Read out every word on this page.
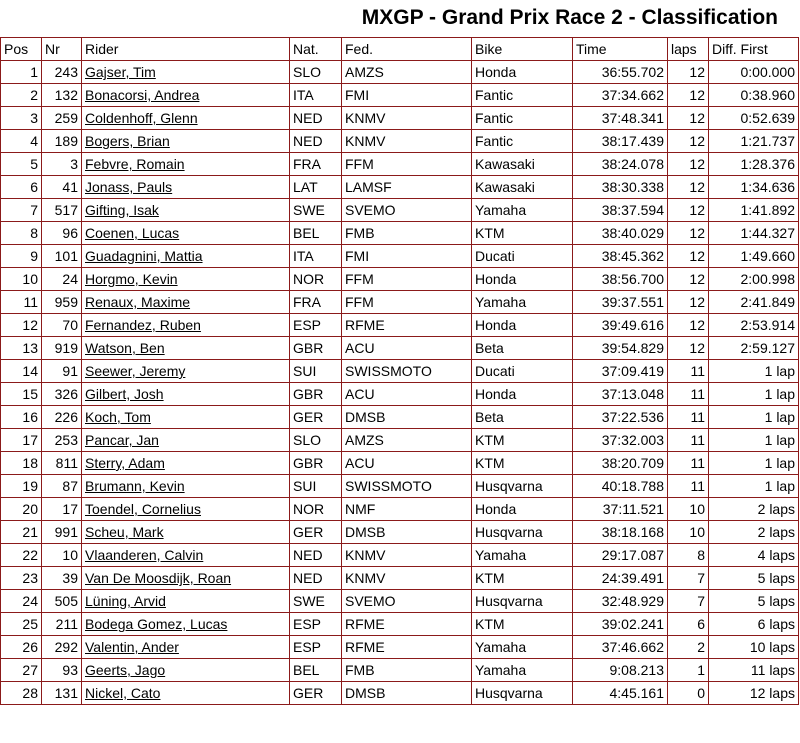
MXGP - Grand Prix Race 2 - Classification
Pos	Nr	Rider	Nat.	Fed.	Bike	Time	laps	Diff. First
1	243	Gajser, Tim	SLO	AMZS	Honda	36:55.702	12	0:00.000
2	132	Bonacorsi, Andrea	ITA	FMI	Fantic	37:34.662	12	0:38.960
3	259	Coldenhoff, Glenn	NED	KNMV	Fantic	37:48.341	12	0:52.639
4	189	Bogers, Brian	NED	KNMV	Fantic	38:17.439	12	1:21.737
5	3	Febvre, Romain	FRA	FFM	Kawasaki	38:24.078	12	1:28.376
6	41	Jonass, Pauls	LAT	LAMSF	Kawasaki	38:30.338	12	1:34.636
7	517	Gifting, Isak	SWE	SVEMO	Yamaha	38:37.594	12	1:41.892
8	96	Coenen, Lucas	BEL	FMB	KTM	38:40.029	12	1:44.327
9	101	Guadagnini, Mattia	ITA	FMI	Ducati	38:45.362	12	1:49.660
10	24	Horgmo, Kevin	NOR	FFM	Honda	38:56.700	12	2:00.998
11	959	Renaux, Maxime	FRA	FFM	Yamaha	39:37.551	12	2:41.849
12	70	Fernandez, Ruben	ESP	RFME	Honda	39:49.616	12	2:53.914
13	919	Watson, Ben	GBR	ACU	Beta	39:54.829	12	2:59.127
14	91	Seewer, Jeremy	SUI	SWISSMOTO	Ducati	37:09.419	11	1 lap
15	326	Gilbert, Josh	GBR	ACU	Honda	37:13.048	11	1 lap
16	226	Koch, Tom	GER	DMSB	Beta	37:22.536	11	1 lap
17	253	Pancar, Jan	SLO	AMZS	KTM	37:32.003	11	1 lap
18	811	Sterry, Adam	GBR	ACU	KTM	38:20.709	11	1 lap
19	87	Brumann, Kevin	SUI	SWISSMOTO	Husqvarna	40:18.788	11	1 lap
20	17	Toendel, Cornelius	NOR	NMF	Honda	37:11.521	10	2 laps
21	991	Scheu, Mark	GER	DMSB	Husqvarna	38:18.168	10	2 laps
22	10	Vlaanderen, Calvin	NED	KNMV	Yamaha	29:17.087	8	4 laps
23	39	Van De Moosdijk, Roan	NED	KNMV	KTM	24:39.491	7	5 laps
24	505	Lüning, Arvid	SWE	SVEMO	Husqvarna	32:48.929	7	5 laps
25	211	Bodega Gomez, Lucas	ESP	RFME	KTM	39:02.241	6	6 laps
26	292	Valentin, Ander	ESP	RFME	Yamaha	37:46.662	2	10 laps
27	93	Geerts, Jago	BEL	FMB	Yamaha	9:08.213	1	11 laps
28	131	Nickel, Cato	GER	DMSB	Husqvarna	4:45.161	0	12 laps
